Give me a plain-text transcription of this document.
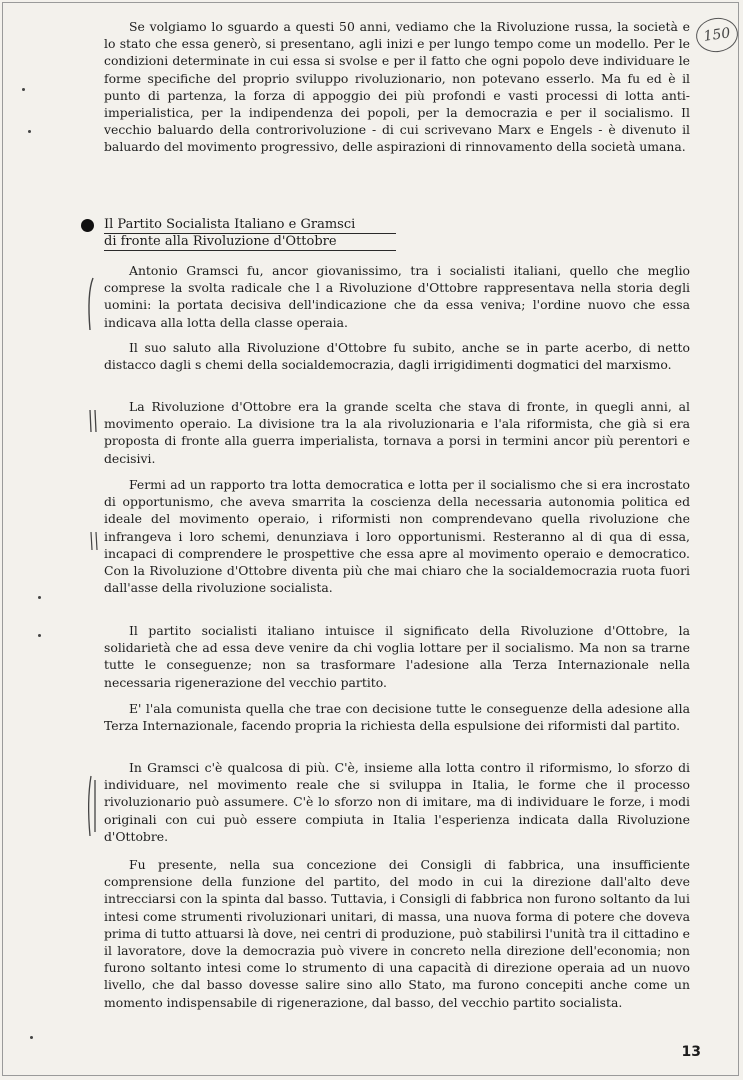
150

Se volgiamo lo sguardo a questi 50 anni, vediamo che la Rivoluzione russa, la società e lo stato che essa generò, si presentano, agli inizi e per lungo tempo come un modello. Per le condizioni determinate in cui essa si svolse e per il fatto che ogni popolo deve individuare le forme specifiche del proprio sviluppo rivoluzionario, non potevano esserlo. Ma fu ed è il punto di partenza, la forza di appoggio dei più profondi e vasti processi di lotta anti-imperialistica, per la indipendenza dei popoli, per la democrazia e per il socialismo. Il vecchio baluardo della controrivoluzione - di cui scrivevano Marx e Engels - è divenuto il baluardo del movimento progressivo, delle aspirazioni di rinnovamento della società umana.

Il Partito Socialista Italiano e Gramsci
di fronte alla Rivoluzione d'Ottobre

Antonio Gramsci fu, ancor giovanissimo, tra i socialisti italiani, quello che meglio comprese la svolta radicale che l a Rivoluzione d'Ottobre rappresentava nella storia degli uomini: la portata decisiva dell'indicazione che da essa veniva; l'ordine nuovo che essa indicava alla lotta della classe operaia.

Il suo saluto alla Rivoluzione d'Ottobre fu subito, anche se in parte acerbo, di netto distacco dagli s chemi della socialdemocrazia, dagli irrigidimenti dogmatici del marxismo.

La Rivoluzione d'Ottobre era la grande scelta che stava di fronte, in quegli anni, al movimento operaio. La divisione tra la ala rivoluzionaria e l'ala riformista, che già si era proposta di fronte alla guerra imperialista, tornava a porsi in termini ancor più perentori e decisivi.

Fermi ad un rapporto tra lotta democratica e lotta per il socialismo che si era incrostato di opportunismo, che aveva smarrita la coscienza della necessaria autonomia politica ed ideale del movimento operaio, i riformisti non comprendevano quella rivoluzione che infrangeva i loro schemi, denunziava i loro opportunismi. Resteranno al di qua di essa, incapaci di comprendere le prospettive che essa apre al movimento operaio e democratico. Con la Rivoluzione d'Ottobre diventa più che mai chiaro che la socialdemocrazia ruota fuori dall'asse della rivoluzione socialista.

Il partito socialisti italiano intuisce il significato della Rivoluzione d'Ottobre, la solidarietà che ad essa deve venire da chi voglia lottare per il socialismo. Ma non sa trarne tutte le conseguenze; non sa trasformare l'adesione alla Terza Internazionale nella necessaria rigenerazione del vecchio partito.

E' l'ala comunista quella che trae con decisione tutte le conseguenze della adesione alla Terza Internazionale, facendo propria la richiesta della espulsione dei riformisti dal partito.

In Gramsci c'è qualcosa di più. C'è, insieme alla lotta contro il riformismo, lo sforzo di individuare, nel movimento reale che si sviluppa in Italia, le forme che il processo rivoluzionario può assumere. C'è lo sforzo non di imitare, ma di individuare le forze, i modi originali con cui può essere compiuta in Italia l'esperienza indicata dalla Rivoluzione d'Ottobre.

Fu presente, nella sua concezione dei Consigli di fabbrica, una insufficiente comprensione della funzione del partito, del modo in cui la direzione dall'alto deve intrecciarsi con la spinta dal basso. Tuttavia, i Consigli di fabbrica non furono soltanto da lui intesi come strumenti rivoluzionari unitari, di massa, una nuova forma di potere che doveva prima di tutto attuarsi là dove, nei centri di produzione, può stabilirsi l'unità tra il cittadino e il lavoratore, dove la democrazia può vivere in concreto nella direzione dell'economia; non furono soltanto intesi come lo strumento di una capacità di direzione operaia ad un nuovo livello, che dal basso dovesse salire sino allo Stato, ma furono concepiti anche come un momento indispensabile di rigenerazione, dal basso, del vecchio partito socialista.

13
